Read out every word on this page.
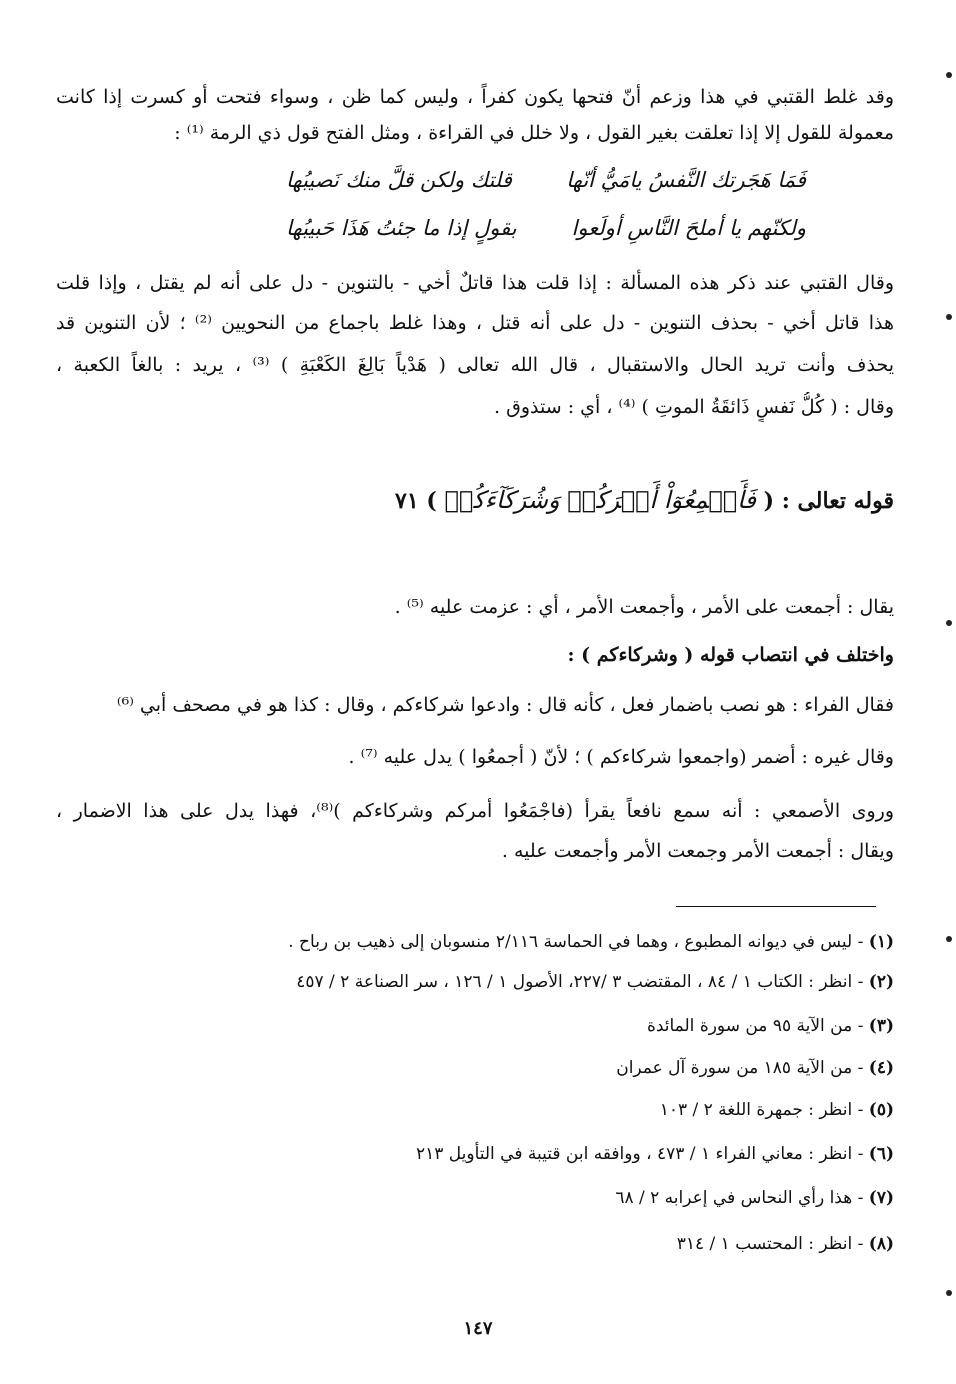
وقد غلط القتبي في هذا وزعم أنّ فتحها يكون كفراً ، وليس كما ظن ، وسواء فتحت أو كسرت إذا كانت
معمولة للقول إلا إذا تعلقت بغير القول ، ولا خلل في القراءة ، ومثل الفتح قول ذي الرمة ⁽¹⁾ :
فَمَا هَجَرتك النَّفسُ يامَيُّ أنّها
قلتك ولكن قلَّ منك نَصيبُها
ولكنّهم يا أملحَ النَّاسِ أولَعوا
بقولٍ إذا ما جئتُ هَذَا حَبيبُها
وقال القتبي عند ذكر هذه المسألة : إذا قلت هذا قاتلٌ أخي - بالتنوين - دل على أنه لم يقتل ، وإذا قلت
هذا قاتل أخي - بحذف التنوين - دل على أنه قتل ، وهذا غلط باجماع من النحويين ⁽²⁾ ؛ لأن التنوين قد
يحذف وأنت تريد الحال والاستقبال ، قال الله تعالى ( هَدْياً بَالِغَ الكَعْبَةِ ) ⁽³⁾ ، يريد : بالغاً الكعبة ،
وقال : ( كُلُّ نَفسٍ ذَائقَةُ الموتِ ) ⁽⁴⁾ ، أي : ستذوق .
قوله تعالى : ( فَأَجۡمِعُوٓاْ أَمۡرَكُمۡ وَشُرَكَآءَكُمۡ ) ٧١
يقال : أجمعت على الأمر ، وأجمعت الأمر ، أي : عزمت عليه ⁽⁵⁾ .
واختلف في انتصاب قوله ( وشركاءكم ) :
فقال الفراء : هو نصب باضمار فعل ، كأنه قال : وادعوا شركاءكم ، وقال : كذا هو في مصحف أبي ⁽⁶⁾
وقال غيره : أضمر (واجمعوا شركاءكم ) ؛ لأنّ ( أجمعُوا ) يدل عليه ⁽⁷⁾ .
وروى الأصمعي : أنه سمع نافعاً يقرأ (فاجْمَعُوا أمركم وشركاءكم )⁽⁸⁾، فهذا يدل على هذا الاضمار ،
ويقال : أجمعت الأمر وجمعت الأمر وأجمعت عليه .
(١) - ليس في ديوانه المطبوع ، وهما في الحماسة ٢/١١٦ منسوبان إلى ذهيب بن رباح .
(٢) - انظر : الكتاب ١ / ٨٤ ، المقتضب ٣ /٢٢٧، الأصول ١ / ١٢٦ ، سر الصناعة ٢ / ٤٥٧
(٣) - من الآية ٩٥ من سورة المائدة
(٤) - من الآية ١٨٥ من سورة آل عمران
(٥) - انظر : جمهرة اللغة ٢ / ١٠٣
(٦) - انظر : معاني الفراء ١ / ٤٧٣ ، ووافقه ابن قتيبة في التأويل ٢١٣
(٧) - هذا رأي النحاس في إعرابه ٢ / ٦٨
(٨) - انظر : المحتسب ١ / ٣١٤
١٤٧
